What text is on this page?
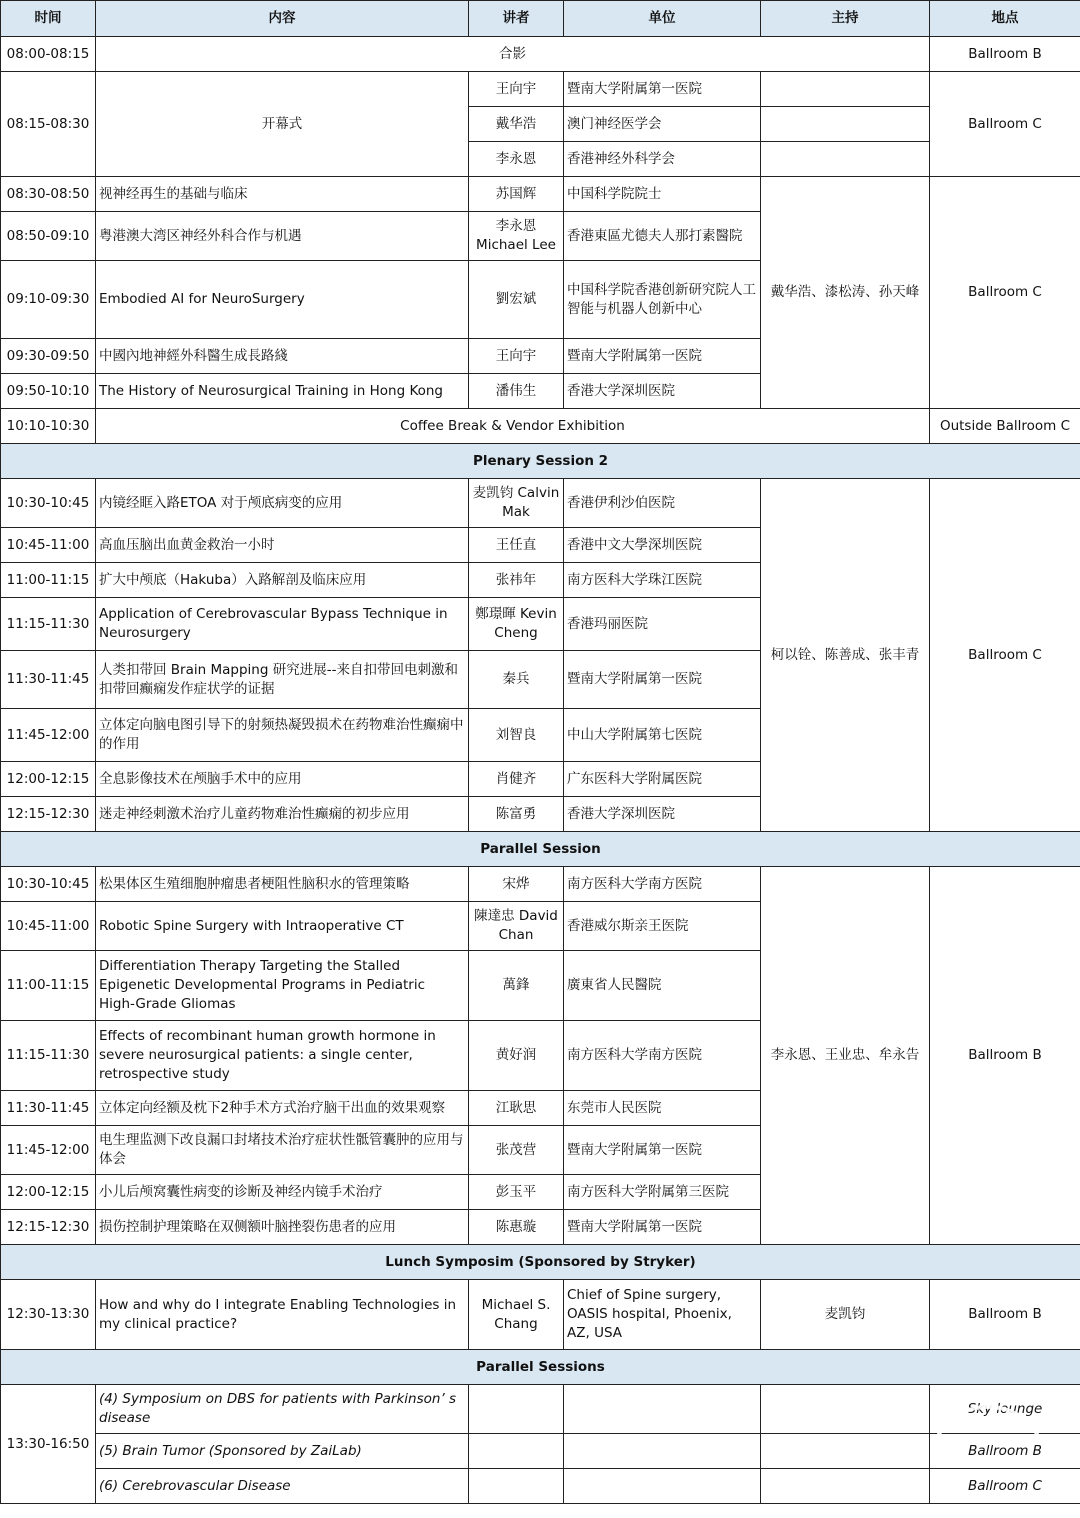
时间	内容	讲者	单位	主持	地点
08:00-08:15	合影				Ballroom B
08:15-08:30	开幕式	王向宇	暨南大学附属第一医院		Ballroom C
		戴华浩	澳门神经医学会		
		李永恩	香港神经外科学会		
08:30-08:50	视神经再生的基础与临床	苏国辉	中国科学院院士	戴华浩、漆松涛、孙天峰	Ballroom C
08:50-09:10	粤港澳大湾区神经外科合作与机遇	李永恩 Michael Lee	香港東區尤德夫人那打素醫院		
09:10-09:30	Embodied AI for NeuroSurgery	劉宏斌	中国科学院香港创新研究院人工智能与机器人创新中心		
09:30-09:50	中國內地神經外科醫生成長路綫	王向宇	暨南大学附属第一医院		
09:50-10:10	The History of Neurosurgical Training in Hong Kong	潘伟生	香港大学深圳医院		
10:10-10:30	Coffee Break & Vendor Exhibition				Outside Ballroom C
Plenary Session 2					
10:30-10:45	内镜经眶入路ETOA 对于颅底病变的应用	麦凯钧 Calvin Mak	香港伊利沙伯医院	柯以铨、陈善成、张丰青	Ballroom C
10:45-11:00	高血压脑出血黄金救治一小时	王任直	香港中文大學深圳医院		
11:00-11:15	扩大中颅底（Hakuba）入路解剖及临床应用	张祎年	南方医科大学珠江医院		
11:15-11:30	Application of Cerebrovascular Bypass Technique in Neurosurgery	鄭璟暉 Kevin Cheng	香港玛丽医院		
11:30-11:45	人类扣带回 Brain Mapping 研究进展--来自扣带回电刺激和扣带回癫痫发作症状学的证据	秦兵	暨南大学附属第一医院		
11:45-12:00	立体定向脑电图引导下的射频热凝毁损术在药物难治性癫痫中的作用	刘智良	中山大学附属第七医院		
12:00-12:15	全息影像技术在颅脑手术中的应用	肖健齐	广东医科大学附属医院		
12:15-12:30	迷走神经刺激术治疗儿童药物难治性癫痫的初步应用	陈富勇	香港大学深圳医院		
Parallel Session					
10:30-10:45	松果体区生殖细胞肿瘤患者梗阻性脑积水的管理策略	宋烨	南方医科大学南方医院	李永恩、王业忠、牟永告	Ballroom B
10:45-11:00	Robotic Spine Surgery with Intraoperative CT	陳達忠 David Chan	香港威尔斯亲王医院		
11:00-11:15	Differentiation Therapy Targeting the Stalled Epigenetic Developmental Programs in Pediatric High-Grade Gliomas	萬鋒	廣東省人民醫院		
11:15-11:30	Effects of recombinant human growth hormone in severe neurosurgical patients: a single center, retrospective study	黄好润	南方医科大学南方医院		
11:30-11:45	立体定向经额及枕下2种手术方式治疗脑干出血的效果观察	江耿思	东莞市人民医院		
11:45-12:00	电生理监测下改良漏口封堵技术治疗症状性骶管囊肿的应用与体会	张茂营	暨南大学附属第一医院		
12:00-12:15	小儿后颅窝囊性病变的诊断及神经内镜手术治疗	彭玉平	南方医科大学附属第三医院		
12:15-12:30	损伤控制护理策略在双侧额叶脑挫裂伤患者的应用	陈惠璇	暨南大学附属第一医院		
Lunch Symposim (Sponsored by Stryker)					
12:30-13:30	How and why do I integrate Enabling Technologies in my clinical practice?	Michael S. Chang	Chief of Spine surgery, OASIS hospital, Phoenix, AZ, USA	麦凯钧	Ballroom B
Parallel Sessions					
13:30-16:50	(4) Symposium on DBS for patients with Parkinson’ s disease				Sky lounge
	(5) Brain Tumor (Sponsored by ZaiLab)				Ballroom B
	(6) Cerebrovascular Disease				Ballroom C
